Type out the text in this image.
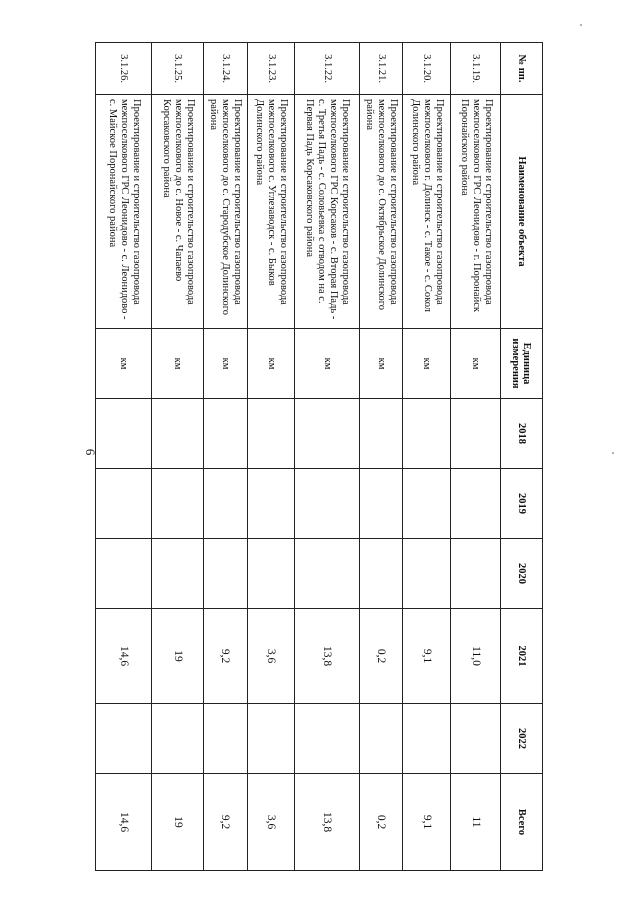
6
№ пп.	Наименование объекта	Единица измерения	2018	2019	2020	2021	2022	Всего
3.1.19.	Проектирование и строительство газопровода межпоселкового ГРС Леонидово - г. Поронайск Поронайского района	км				11,0		11
3.1.20.	Проектирование и строительство газопровода межпоселкового г. Долинск - с. Такое - с. Сокол Долинского района	км				9,1		9,1
3.1.21.	Проектирование и строительство газопровода межпоселкового до с. Октябрьское Долинского района	км				0,2		0,2
3.1.22.	Проектирование и строительство газопровода межпоселкового ГРС Корсаков - с. Вторая Падь - с. Третья Падь - с. Соловьевка с отводом на с. Первая Падь Корсаковского района	км				13,8		13,8
3.1.23.	Проектирование и строительство газопровода межпоселкового с. Углезаводск - с. Быков Долинского района	км				3,6		3,6
3.1.24.	Проектирование и строительство газопровода межпоселкового до с. Стародубское Долинского района	км				9,2		9,2
3.1.25.	Проектирование и строительство газопровода межпоселкового до с. Новое - с. Чапаево Корсаковского района	км				19		19
3.1.26.	Проектирование и строительство газопровода межпоселкового ГРС Леонидово - с. Леонидово - с. Майское Поронайского района	км				14,6		14,6
